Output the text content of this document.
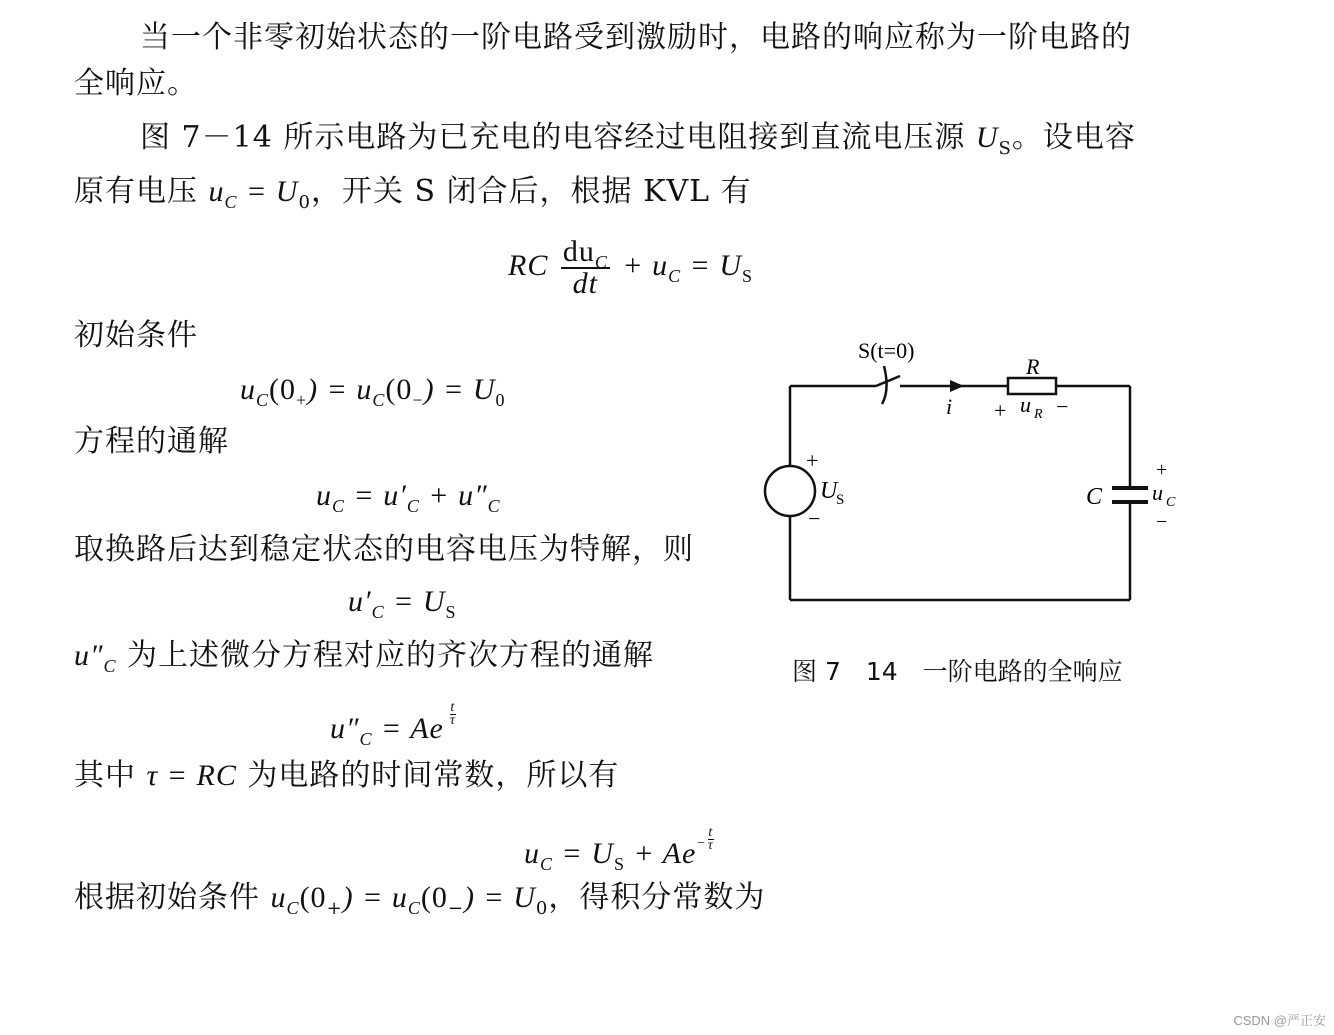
当一个非零初始状态的一阶电路受到激励时，电路的响应称为一阶电路的
全响应。
图 7－14 所示电路为已充电的电容经过电阻接到直流电压源 $U_S$。设电容
原有电压 $u_C = U_0$，开关 S 闭合后，根据 KVL 有
RC $\frac{du_C}{dt} + u_C = U_S$
初始条件
$u_C(0_+) = u_C(0_-) = U_0$
方程的通解
$u_C = u'_C + u''_C$
取换路后达到稳定状态的电容电压为特解，则
$u'_C = U_S$
$u''_C$ 为上述微分方程对应的齐次方程的通解
$u''_C = Ae \frac{t}{\tau}$
其中 τ = RC 为电路的时间常数，所以有
$u_C = U_S + Ae^- \frac{t}{\tau}$
根据初始条件 $u_C(0_+) = u_C(0_-) = U_0$，得积分常数为
S(t=0)
R
i + u R −
+
U
S
−
C
+
u C
−
图 7　14　一阶电路的全响应
CSDN @严正安
